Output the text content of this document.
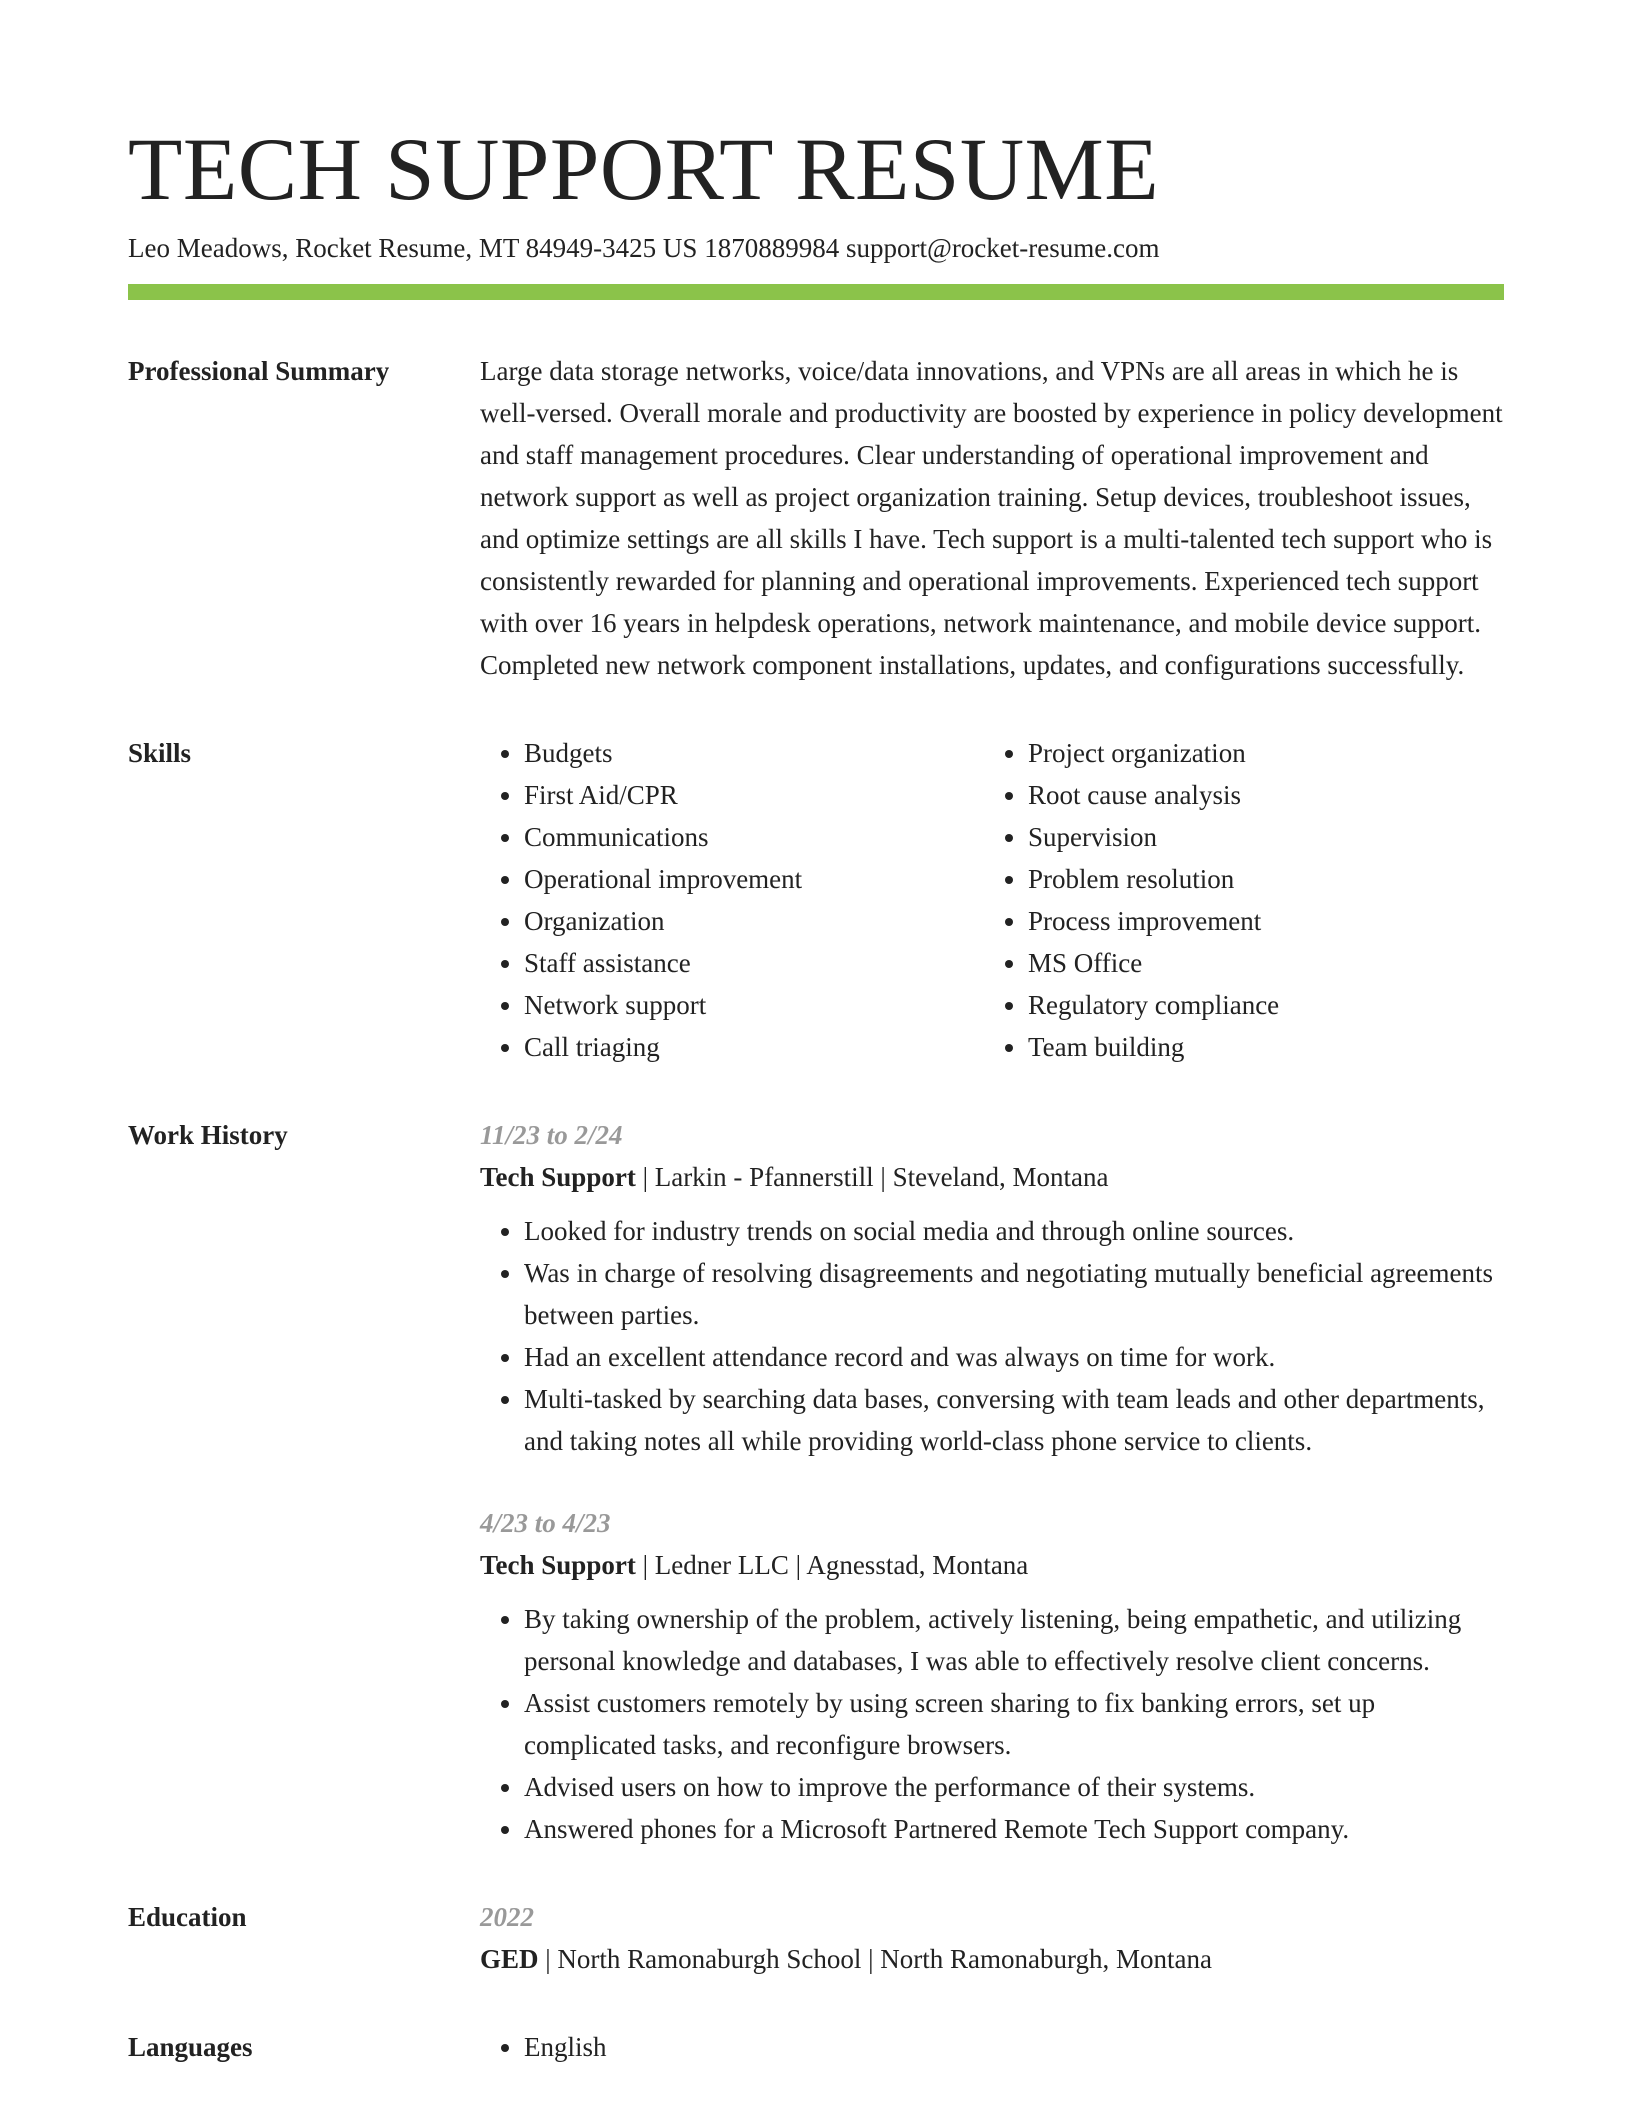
TECH SUPPORT RESUME
Leo Meadows, Rocket Resume, MT 84949-3425 US 1870889984 support@rocket-resume.com
Professional Summary	Large data storage networks, voice/data innovations, and VPNs are all areas in which he is well-versed. Overall morale and productivity are boosted by experience in policy development and staff management procedures. Clear understanding of operational improvement and network support as well as project organization training. Setup devices, troubleshoot issues, and optimize settings are all skills I have. Tech support is a multi-talented tech support who is consistently rewarded for planning and operational improvements. Experienced tech support with over 16 years in helpdesk operations, network maintenance, and mobile device support. Completed new network component installations, updates, and configurations successfully.

Skills	• Budgets
• First Aid/CPR
• Communications
• Operational improvement
• Organization
• Staff assistance
• Network support
• Call triaging
• Project organization
• Root cause analysis
• Supervision
• Problem resolution
• Process improvement
• MS Office
• Regulatory compliance
• Team building
Work History	11/23 to 2/24
Tech Support | Larkin - Pfannerstill | Steveland, Montana
• Looked for industry trends on social media and through online sources.
• Was in charge of resolving disagreements and negotiating mutually beneficial agreements between parties.
• Had an excellent attendance record and was always on time for work.
• Multi-tasked by searching data bases, conversing with team leads and other departments, and taking notes all while providing world-class phone service to clients.
4/23 to 4/23
Tech Support | Ledner LLC | Agnesstad, Montana
• By taking ownership of the problem, actively listening, being empathetic, and utilizing personal knowledge and databases, I was able to effectively resolve client concerns.
• Assist customers remotely by using screen sharing to fix banking errors, set up complicated tasks, and reconfigure browsers.
• Advised users on how to improve the performance of their systems.
• Answered phones for a Microsoft Partnered Remote Tech Support company.
Education	2022
GED | North Ramonaburgh School | North Ramonaburgh, Montana
Languages	• English
